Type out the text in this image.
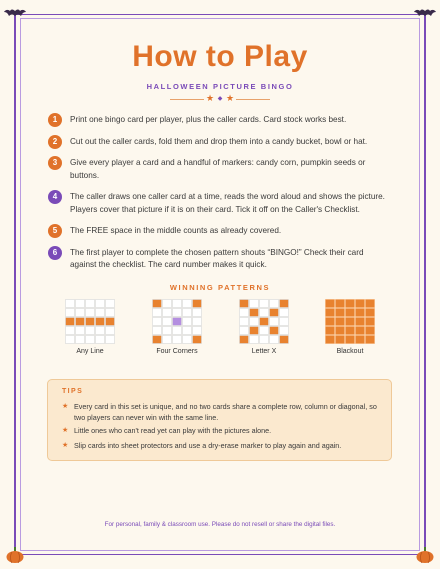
How to Play
HALLOWEEN PICTURE BINGO
★ ◆ ★
1	Print one bingo card per player, plus the caller cards. Card stock works best.
2	Cut out the caller cards, fold them and drop them into a candy bucket, bowl or hat.
3	Give every player a card and a handful of markers: candy corn, pumpkin seeds or buttons.
4	The caller draws one caller card at a time, reads the word aloud and shows the picture. Players cover that picture if it is on their card. Tick it off on the Caller's Checklist.
5	The FREE space in the middle counts as already covered.
6	The first player to complete the chosen pattern shouts “BINGO!” Check their card against the checklist. The card number makes it quick.
WINNING PATTERNS
Any Line	Four Corners	Letter X	Blackout
TIPS
★ Every card in this set is unique, and no two cards share a complete row, column or diagonal, so two players can never win with the same line.
★ Little ones who can't read yet can play with the pictures alone.
★ Slip cards into sheet protectors and use a dry-erase marker to play again and again.
For personal, family & classroom use. Please do not resell or share the digital files.
